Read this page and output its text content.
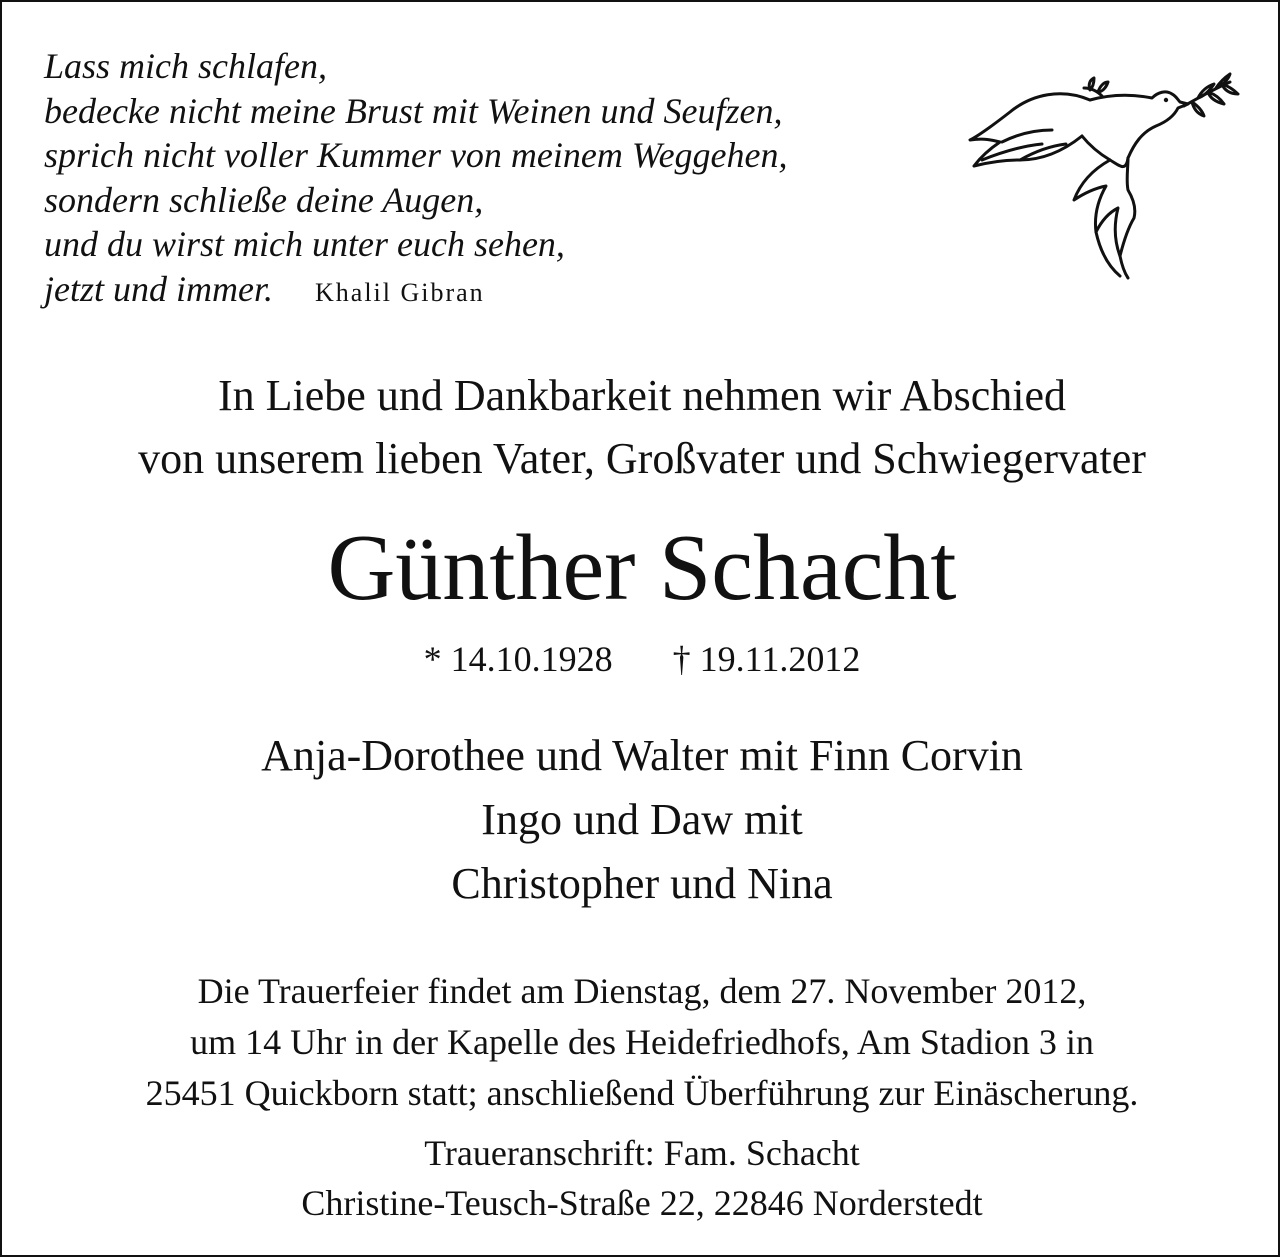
Lass mich schlafen,
bedecke nicht meine Brust mit Weinen und Seufzen,
sprich nicht voller Kummer von meinem Weggehen,
sondern schließe deine Augen,
und du wirst mich unter euch sehen,
jetzt und immer. Khalil Gibran
In Liebe und Dankbarkeit nehmen wir Abschied
von unserem lieben Vater, Großvater und Schwiegervater
Günther Schacht
* 14.10.1928 † 19.11.2012
Anja-Dorothee und Walter mit Finn Corvin
Ingo und Daw mit
Christopher und Nina
Die Trauerfeier findet am Dienstag, dem 27. November 2012,
um 14 Uhr in der Kapelle des Heidefriedhofs, Am Stadion 3 in
25451 Quickborn statt; anschließend Überführung zur Einäscherung.
Traueranschrift: Fam. Schacht
Christine-Teusch-Straße 22, 22846 Norderstedt
